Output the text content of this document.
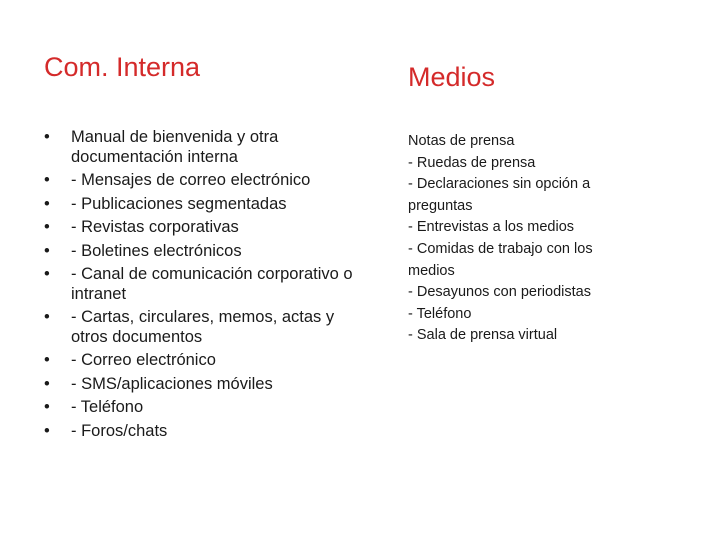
Com. Interna	Medios
•	Manual de bienvenida y otra documentación interna
•	- Mensajes de correo electrónico
•	- Publicaciones segmentadas
•	- Revistas corporativas
•	- Boletines electrónicos
•	- Canal de comunicación corporativo o intranet
•	- Cartas, circulares, memos, actas y otros documentos
•	- Correo electrónico
•	- SMS/aplicaciones móviles
•	- Teléfono
•	- Foros/chats
Notas de prensa
- Ruedas de prensa
- Declaraciones sin opción a preguntas
- Entrevistas a los medios
- Comidas de trabajo con los medios
- Desayunos con periodistas
- Teléfono
- Sala de prensa virtual
